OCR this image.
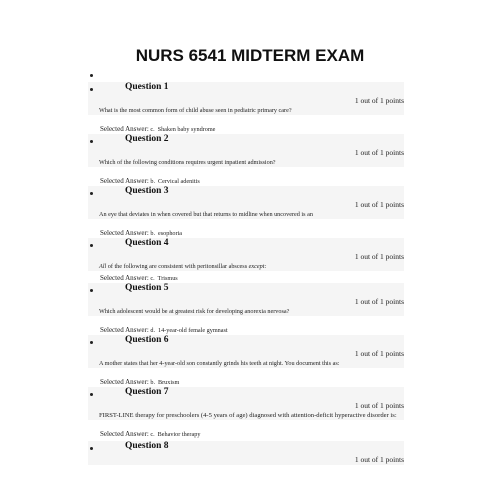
NURS 6541 MIDTERM EXAM
Question 1
1 out of 1 points
What is the most common form of child abuse seen in pediatric primary care?
Selected Answer: c. Shaken baby syndrome
Question 2
1 out of 1 points
Which of the following conditions requires urgent inpatient admission?
Selected Answer: b. Cervical adenitis
Question 3
1 out of 1 points
An eye that deviates in when covered but that returns to midline when uncovered is an
Selected Answer: b. esophoria
Question 4
1 out of 1 points
All of the following are consistent with peritonsillar abscess except:
Selected Answer: c. Trismus
Question 5
1 out of 1 points
Which adolescent would be at greatest risk for developing anorexia nervosa?
Selected Answer: d. 14-year-old female gymnast
Question 6
1 out of 1 points
A mother states that her 4-year-old son constantly grinds his teeth at night. You document this as:
Selected Answer: b. Bruxism
Question 7
1 out of 1 points
FIRST-LINE therapy for preschoolers (4-5 years of age) diagnosed with attention-deficit hyperactive disorder is:
Selected Answer: c. Behavior therapy
Question 8
1 out of 1 points
